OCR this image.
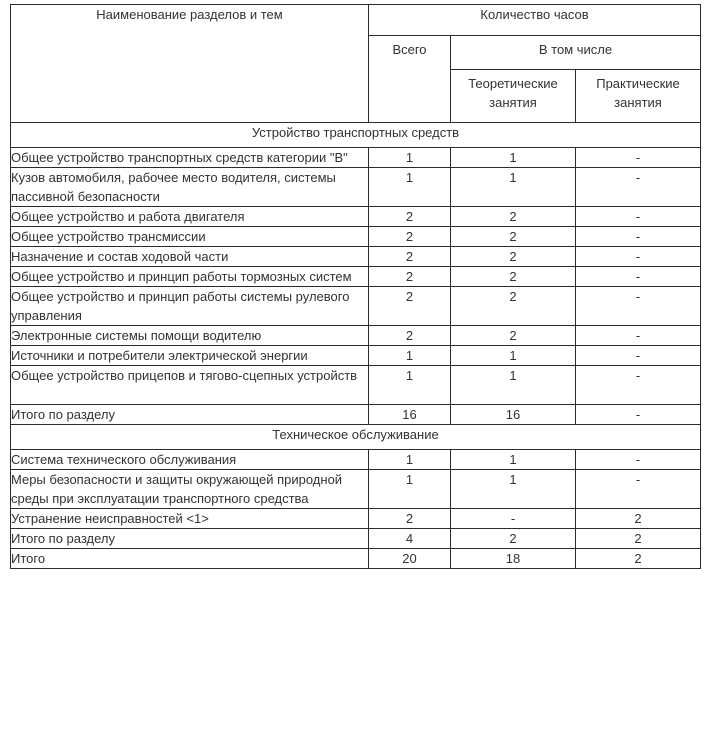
Наименование разделов и тем	Количество часов		
	Всего	В том числе	
		Теоретические занятия	Практические занятия
Устройство транспортных средств			
Общее устройство транспортных средств категории "B"	1	1	-
Кузов автомобиля, рабочее место водителя, системы пассивной безопасности	1	1	-
Общее устройство и работа двигателя	2	2	-
Общее устройство трансмиссии	2	2	-
Назначение и состав ходовой части	2	2	-
Общее устройство и принцип работы тормозных систем	2	2	-
Общее устройство и принцип работы системы рулевого управления	2	2	-
Электронные системы помощи водителю	2	2	-
Источники и потребители электрической энергии	1	1	-
Общее устройство прицепов и тягово-сцепных устройств	1	1	-
Итого по разделу	16	16	-
Техническое обслуживание			
Система технического обслуживания	1	1	-
Меры безопасности и защиты окружающей природной среды при эксплуатации транспортного средства	1	1	-
Устранение неисправностей <1>	2	-	2
Итого по разделу	4	2	2
Итого	20	18	2
